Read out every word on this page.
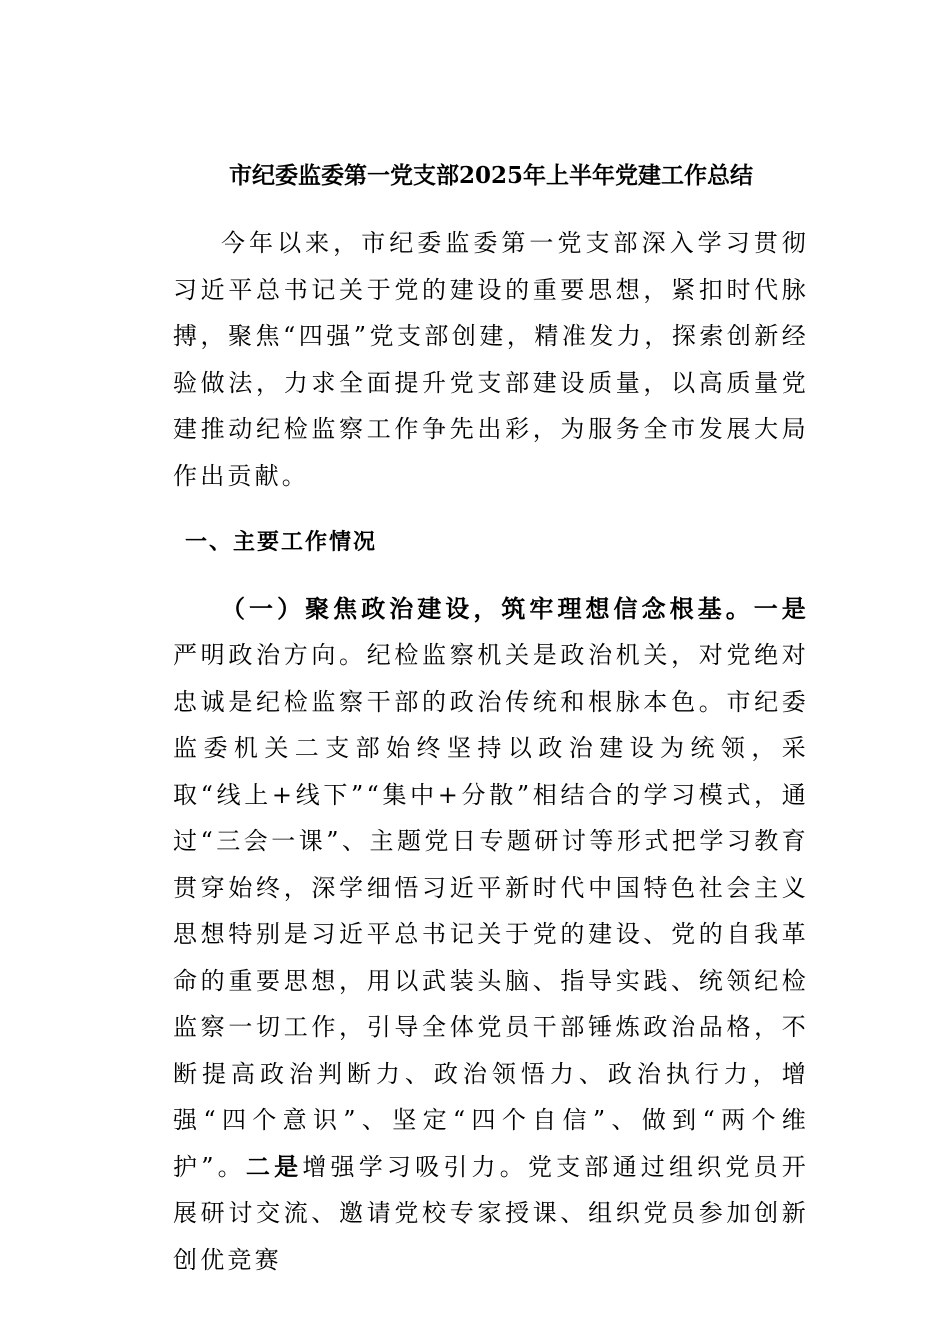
市纪委监委第一党支部2025年上半年党建工作总结

今年以来，市纪委监委第一党支部深入学习贯彻习近平总书记关于党的建设的重要思想，紧扣时代脉搏，聚焦“四强”党支部创建，精准发力，探索创新经验做法，力求全面提升党支部建设质量，以高质量党建推动纪检监察工作争先出彩，为服务全市发展大局作出贡献。

一、主要工作情况

（一）聚焦政治建设，筑牢理想信念根基。一是严明政治方向。纪检监察机关是政治机关，对党绝对忠诚是纪检监察干部的政治传统和根脉本色。市纪委监委机关二支部始终坚持以政治建设为统领，采取“线上+线下”“集中+分散”相结合的学习模式，通过“三会一课”、主题党日专题研讨等形式把学习教育贯穿始终，深学细悟习近平新时代中国特色社会主义思想特别是习近平总书记关于党的建设、党的自我革命的重要思想，用以武装头脑、指导实践、统领纪检监察一切工作，引导全体党员干部锤炼政治品格，不断提高政治判断力、政治领悟力、政治执行力，增强“四个意识”、坚定“四个自信”、做到“两个维护”。二是增强学习吸引力。党支部通过组织党员开展研讨交流、邀请党校专家授课、组织党员参加创新创优竞赛
